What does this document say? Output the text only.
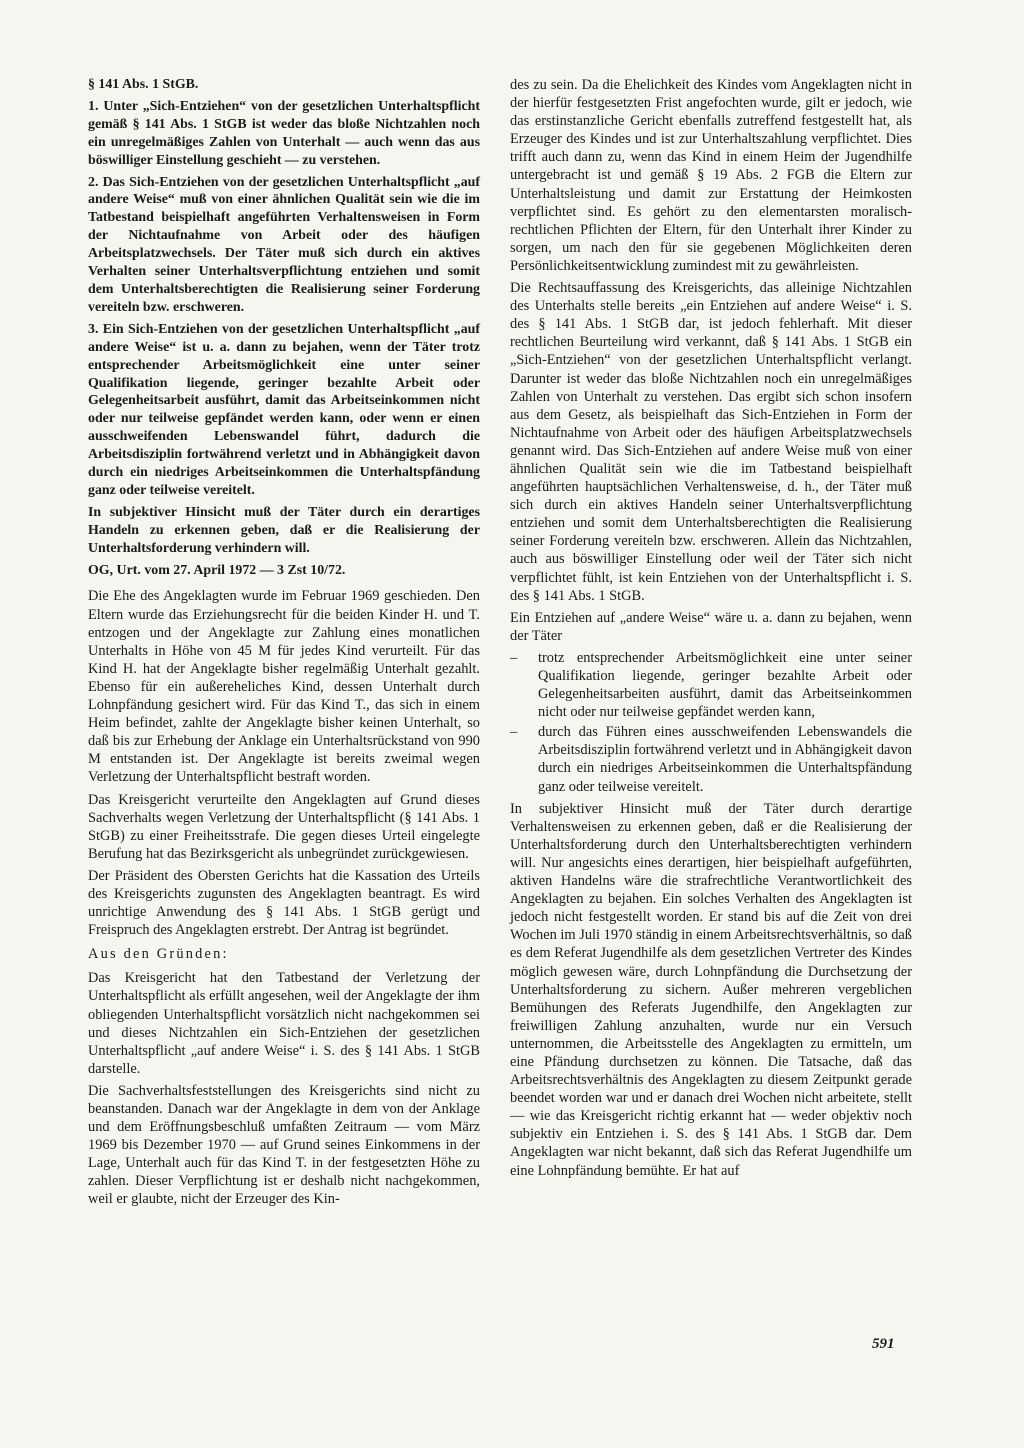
§ 141 Abs. 1 StGB.

1. Unter „Sich-Entziehen“ von der gesetzlichen Unterhaltspflicht gemäß § 141 Abs. 1 StGB ist weder das bloße Nichtzahlen noch ein unregelmäßiges Zahlen von Unterhalt — auch wenn das aus böswilliger Einstellung geschieht — zu verstehen.

2. Das Sich-Entziehen von der gesetzlichen Unterhaltspflicht „auf andere Weise“ muß von einer ähnlichen Qualität sein wie die im Tatbestand beispielhaft angeführten Verhaltensweisen in Form der Nichtaufnahme von Arbeit oder des häufigen Arbeitsplatzwechsels. Der Täter muß sich durch ein aktives Verhalten seiner Unterhaltsverpflichtung entziehen und somit dem Unterhaltsberechtigten die Realisierung seiner Forderung vereiteln bzw. erschweren.

3. Ein Sich-Entziehen von der gesetzlichen Unterhaltspflicht „auf andere Weise“ ist u. a. dann zu bejahen, wenn der Täter trotz entsprechender Arbeitsmöglichkeit eine unter seiner Qualifikation liegende, geringer bezahlte Arbeit oder Gelegenheitsarbeit ausführt, damit das Arbeitseinkommen nicht oder nur teilweise gepfändet werden kann, oder wenn er einen ausschweifenden Lebenswandel führt, dadurch die Arbeitsdisziplin fortwährend verletzt und in Abhängigkeit davon durch ein niedriges Arbeitseinkommen die Unterhaltspfändung ganz oder teilweise vereitelt.

In subjektiver Hinsicht muß der Täter durch ein derartiges Handeln zu erkennen geben, daß er die Realisierung der Unterhaltsforderung verhindern will.

OG, Urt. vom 27. April 1972 — 3 Zst 10/72.

Die Ehe des Angeklagten wurde im Februar 1969 geschieden. Den Eltern wurde das Erziehungsrecht für die beiden Kinder H. und T. entzogen und der Angeklagte zur Zahlung eines monatlichen Unterhalts in Höhe von 45 M für jedes Kind verurteilt. Für das Kind H. hat der Angeklagte bisher regelmäßig Unterhalt gezahlt. Ebenso für ein außereheliches Kind, dessen Unterhalt durch Lohnpfändung gesichert wird. Für das Kind T., das sich in einem Heim befindet, zahlte der Angeklagte bisher keinen Unterhalt, so daß bis zur Erhebung der Anklage ein Unterhaltsrückstand von 990 M entstanden ist. Der Angeklagte ist bereits zweimal wegen Verletzung der Unterhaltspflicht bestraft worden.

Das Kreisgericht verurteilte den Angeklagten auf Grund dieses Sachverhalts wegen Verletzung der Unterhaltspflicht (§ 141 Abs. 1 StGB) zu einer Freiheitsstrafe. Die gegen dieses Urteil eingelegte Berufung hat das Bezirksgericht als unbegründet zurückgewiesen.

Der Präsident des Obersten Gerichts hat die Kassation des Urteils des Kreisgerichts zugunsten des Angeklagten beantragt. Es wird unrichtige Anwendung des § 141 Abs. 1 StGB gerügt und Freispruch des Angeklagten erstrebt. Der Antrag ist begründet.

Aus den Gründen:

Das Kreisgericht hat den Tatbestand der Verletzung der Unterhaltspflicht als erfüllt angesehen, weil der Angeklagte der ihm obliegenden Unterhaltspflicht vorsätzlich nicht nachgekommen sei und dieses Nichtzahlen ein Sich-Entziehen der gesetzlichen Unterhaltspflicht „auf andere Weise“ i. S. des § 141 Abs. 1 StGB darstelle.

Die Sachverhaltsfeststellungen des Kreisgerichts sind nicht zu beanstanden. Danach war der Angeklagte in dem von der Anklage und dem Eröffnungsbeschluß umfaßten Zeitraum — vom März 1969 bis Dezember 1970 — auf Grund seines Einkommens in der Lage, Unterhalt auch für das Kind T. in der festgesetzten Höhe zu zahlen. Dieser Verpflichtung ist er deshalb nicht nachgekommen, weil er glaubte, nicht der Erzeuger des Kin-

des zu sein. Da die Ehelichkeit des Kindes vom Angeklagten nicht in der hierfür festgesetzten Frist angefochten wurde, gilt er jedoch, wie das erstinstanzliche Gericht ebenfalls zutreffend festgestellt hat, als Erzeuger des Kindes und ist zur Unterhaltszahlung verpflichtet. Dies trifft auch dann zu, wenn das Kind in einem Heim der Jugendhilfe untergebracht ist und gemäß § 19 Abs. 2 FGB die Eltern zur Unterhaltsleistung und damit zur Erstattung der Heimkosten verpflichtet sind. Es gehört zu den elementarsten moralisch-rechtlichen Pflichten der Eltern, für den Unterhalt ihrer Kinder zu sorgen, um nach den für sie gegebenen Möglichkeiten deren Persönlichkeitsentwicklung zumindest mit zu gewährleisten.

Die Rechtsauffassung des Kreisgerichts, das alleinige Nichtzahlen des Unterhalts stelle bereits „ein Entziehen auf andere Weise“ i. S. des § 141 Abs. 1 StGB dar, ist jedoch fehlerhaft. Mit dieser rechtlichen Beurteilung wird verkannt, daß § 141 Abs. 1 StGB ein „Sich-Entziehen“ von der gesetzlichen Unterhaltspflicht verlangt. Darunter ist weder das bloße Nichtzahlen noch ein unregelmäßiges Zahlen von Unterhalt zu verstehen. Das ergibt sich schon insofern aus dem Gesetz, als beispielhaft das Sich-Entziehen in Form der Nichtaufnahme von Arbeit oder des häufigen Arbeitsplatzwechsels genannt wird. Das Sich-Entziehen auf andere Weise muß von einer ähnlichen Qualität sein wie die im Tatbestand beispielhaft angeführten hauptsächlichen Verhaltensweise, d. h., der Täter muß sich durch ein aktives Handeln seiner Unterhaltsverpflichtung entziehen und somit dem Unterhaltsberechtigten die Realisierung seiner Forderung vereiteln bzw. erschweren. Allein das Nichtzahlen, auch aus böswilliger Einstellung oder weil der Täter sich nicht verpflichtet fühlt, ist kein Entziehen von der Unterhaltspflicht i. S. des § 141 Abs. 1 StGB.

Ein Entziehen auf „andere Weise“ wäre u. a. dann zu bejahen, wenn der Täter

– trotz entsprechender Arbeitsmöglichkeit eine unter seiner Qualifikation liegende, geringer bezahlte Arbeit oder Gelegenheitsarbeiten ausführt, damit das Arbeitseinkommen nicht oder nur teilweise gepfändet werden kann,
– durch das Führen eines ausschweifenden Lebenswandels die Arbeitsdisziplin fortwährend verletzt und in Abhängigkeit davon durch ein niedriges Arbeitseinkommen die Unterhaltspfändung ganz oder teilweise vereitelt.

In subjektiver Hinsicht muß der Täter durch derartige Verhaltensweisen zu erkennen geben, daß er die Realisierung der Unterhaltsforderung durch den Unterhaltsberechtigten verhindern will. Nur angesichts eines derartigen, hier beispielhaft aufgeführten, aktiven Handelns wäre die strafrechtliche Verantwortlichkeit des Angeklagten zu bejahen. Ein solches Verhalten des Angeklagten ist jedoch nicht festgestellt worden. Er stand bis auf die Zeit von drei Wochen im Juli 1970 ständig in einem Arbeitsrechtsverhältnis, so daß es dem Referat Jugendhilfe als dem gesetzlichen Vertreter des Kindes möglich gewesen wäre, durch Lohnpfändung die Durchsetzung der Unterhaltsforderung zu sichern. Außer mehreren vergeblichen Bemühungen des Referats Jugendhilfe, den Angeklagten zur freiwilligen Zahlung anzuhalten, wurde nur ein Versuch unternommen, die Arbeitsstelle des Angeklagten zu ermitteln, um eine Pfändung durchsetzen zu können. Die Tatsache, daß das Arbeitsrechtsverhältnis des Angeklagten zu diesem Zeitpunkt gerade beendet worden war und er danach drei Wochen nicht arbeitete, stellt — wie das Kreisgericht richtig erkannt hat — weder objektiv noch subjektiv ein Entziehen i. S. des § 141 Abs. 1 StGB dar. Dem Angeklagten war nicht bekannt, daß sich das Referat Jugendhilfe um eine Lohnpfändung bemühte. Er hat auf

591
